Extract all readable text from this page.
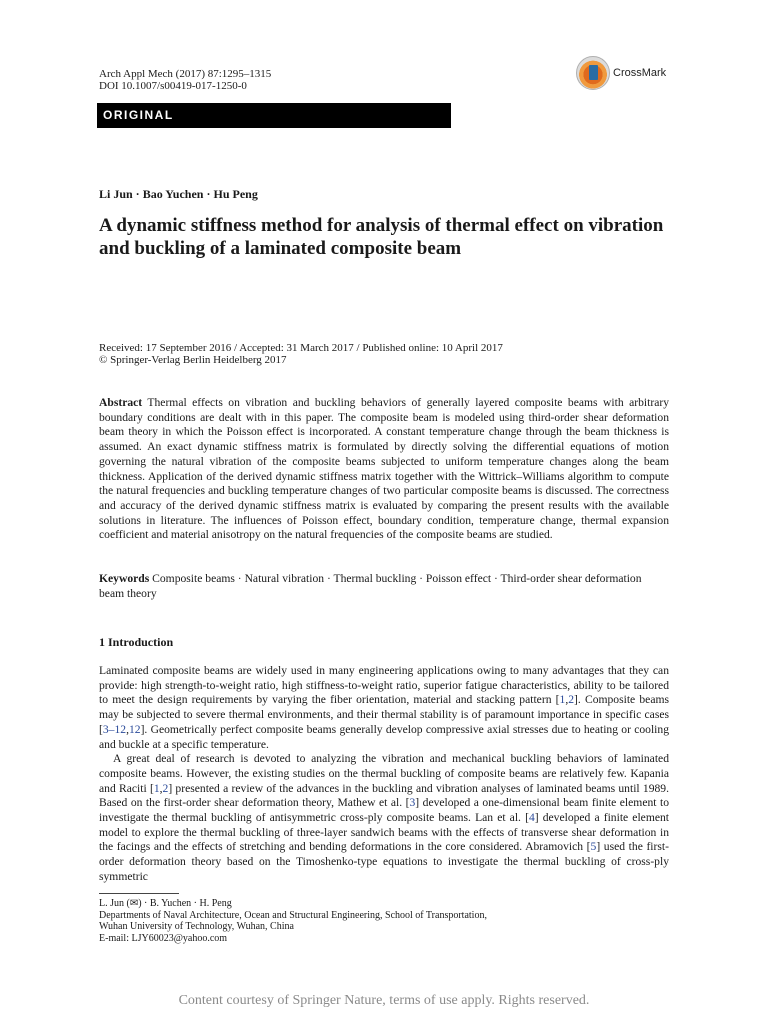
Arch Appl Mech (2017) 87:1295–1315
DOI 10.1007/s00419-017-1250-0
CrossMark
ORIGINAL
Li Jun · Bao Yuchen · Hu Peng
A dynamic stiffness method for analysis of thermal effect on vibration and buckling of a laminated composite beam
Received: 17 September 2016 / Accepted: 31 March 2017 / Published online: 10 April 2017
© Springer-Verlag Berlin Heidelberg 2017

Abstract Thermal effects on vibration and buckling behaviors of generally layered composite beams with arbitrary boundary conditions are dealt with in this paper. The composite beam is modeled using third-order shear deformation beam theory in which the Poisson effect is incorporated. A constant temperature change through the beam thickness is assumed. An exact dynamic stiffness matrix is formulated by directly solving the differential equations of motion governing the natural vibration of the composite beams subjected to uniform temperature changes along the beam thickness. Application of the derived dynamic stiffness matrix together with the Wittrick–Williams algorithm to compute the natural frequencies and buckling temperature changes of two particular composite beams is discussed. The correctness and accuracy of the derived dynamic stiffness matrix is evaluated by comparing the present results with the available solutions in literature. The influences of Poisson effect, boundary condition, temperature change, thermal expansion coefficient and material anisotropy on the natural frequencies of the composite beams are studied.

Keywords Composite beams · Natural vibration · Thermal buckling · Poisson effect · Third-order shear deformation beam theory

1 Introduction

Laminated composite beams are widely used in many engineering applications owing to many advantages that they can provide: high strength-to-weight ratio, high stiffness-to-weight ratio, superior fatigue characteristics, ability to be tailored to meet the design requirements by varying the fiber orientation, material and stacking pattern [1,2]. Composite beams may be subjected to severe thermal environments, and their thermal stability is of paramount importance in specific cases [3–12,12]. Geometrically perfect composite beams generally develop compressive axial stresses due to heating or cooling and buckle at a specific temperature.

A great deal of research is devoted to analyzing the vibration and mechanical buckling behaviors of laminated composite beams. However, the existing studies on the thermal buckling of composite beams are relatively few. Kapania and Raciti [1,2] presented a review of the advances in the buckling and vibration analyses of laminated beams until 1989. Based on the first-order shear deformation theory, Mathew et al. [3] developed a one-dimensional beam finite element to investigate the thermal buckling of antisymmetric cross-ply composite beams. Lan et al. [4] developed a finite element model to explore the thermal buckling of three-layer sandwich beams with the effects of transverse shear deformation in the facings and the effects of stretching and bending deformations in the core considered. Abramovich [5] used the first-order deformation theory based on the Timoshenko-type equations to investigate the thermal buckling of cross-ply symmetric

L. Jun (✉) · B. Yuchen · H. Peng
Departments of Naval Architecture, Ocean and Structural Engineering, School of Transportation,
Wuhan University of Technology, Wuhan, China
E-mail: LJY60023@yahoo.com
Content courtesy of Springer Nature, terms of use apply. Rights reserved.
